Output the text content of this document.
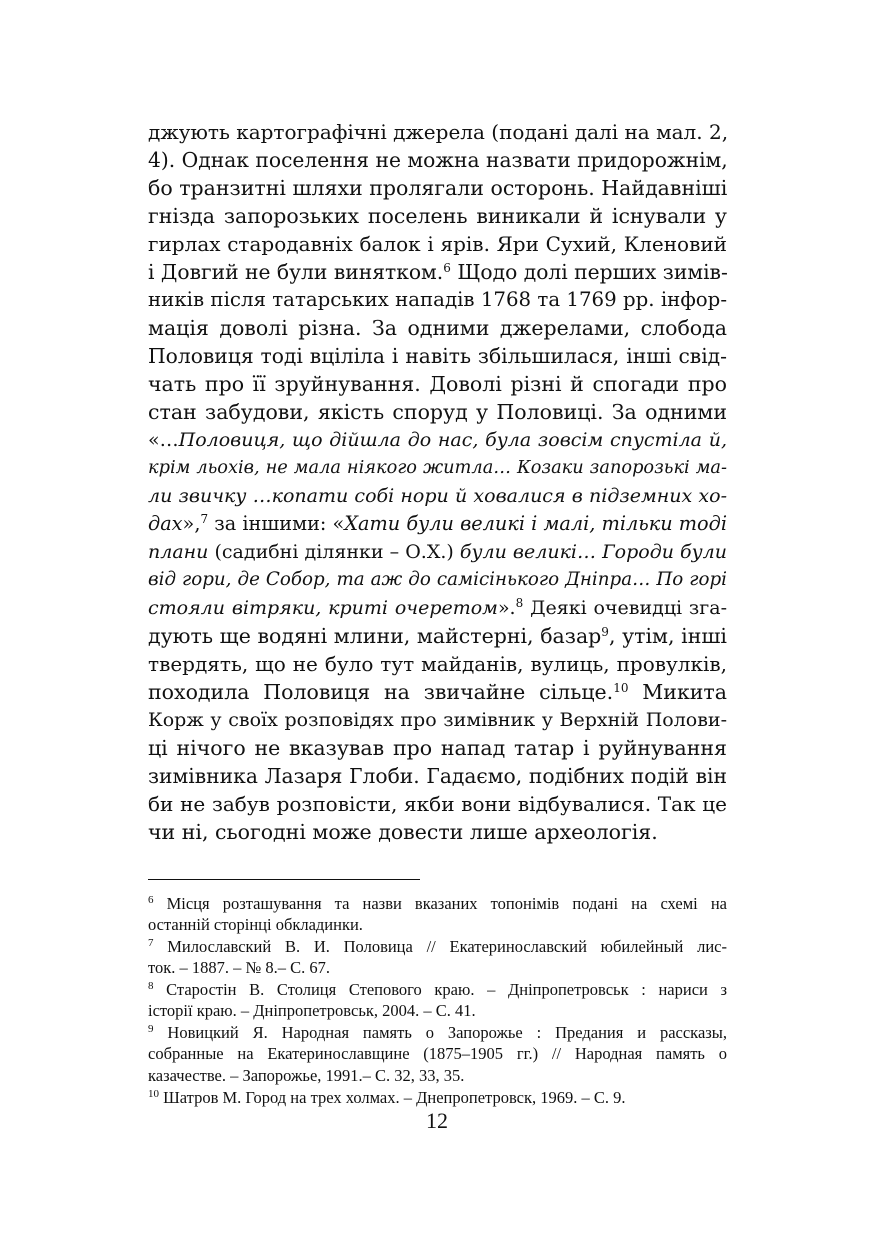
джують картографічні джерела (подані далі на мал. 2,
4). Однак поселення не можна назвати придорожнім,
бо транзитні шляхи пролягали осторонь. Найдавніші
гнізда запорозьких поселень виникали й існували у
гирлах стародавніх балок і ярів. Яри Сухий, Кленовий
і Довгий не були винятком.$^6$ Щодо долі перших зимів-
ників після татарських нападів 1768 та 1769 рр. інфор-
мація доволі різна. За одними джерелами, слобода
Половиця тоді вціліла і навіть збільшилася, інші свід-
чать про її зруйнування. Доволі різні й спогади про
стан забудови, якість споруд у Половиці. За одними
«…Половиця, що дійшла до нас, була зовсім спустіла й,
крім льохів, не мала ніякого житла… Козаки запорозькі ма-
ли звичку …копати собі нори й ховалися в підземних хо-
дах»,$^7$ за іншими: «Хати були великі і малі, тільки тоді
плани (садибні ділянки – О.Х.) були великі… Городи були
від гори, де Собор, та аж до самісінького Дніпра… По горі
стояли вітряки, криті очеретом».$^8$ Деякі очевидці зга-
дують ще водяні млини, майстерні, базар$^9$, утім, інші
твердять, що не було тут майданів, вулиць, провулків,
походила Половиця на звичайне сільце.$^{10}$ Микита
Корж у своїх розповідях про зимівник у Верхній Полови-
ці нічого не вказував про напад татар і руйнування
зимівника Лазаря Глоби. Гадаємо, подібних подій він
би не забув розповісти, якби вони відбувалися. Так це
чи ні, сьогодні може довести лише археологія.
$^6$ Місця розташування та назви вказаних топонімів подані на схемі на
останній сторінці обкладинки.
$^7$ Милославский В. И. Половица // Екатеринославский юбилейный лис-
ток. – 1887. – № 8.– С. 67.
$^8$ Старостін В. Столиця Степового краю. – Дніпропетровськ : нариси з
історії краю. – Дніпропетровськ, 2004. – С. 41.
$^9$ Новицкий Я. Народная память о Запорожье : Предания и рассказы,
собранные на Екатеринославщине (1875–1905 гг.) // Народная память о
казачестве. – Запорожье, 1991.– С. 32, 33, 35.
$^{10}$ Шатров М. Город на трех холмах. – Днепропетровск, 1969. – С. 9.
12
